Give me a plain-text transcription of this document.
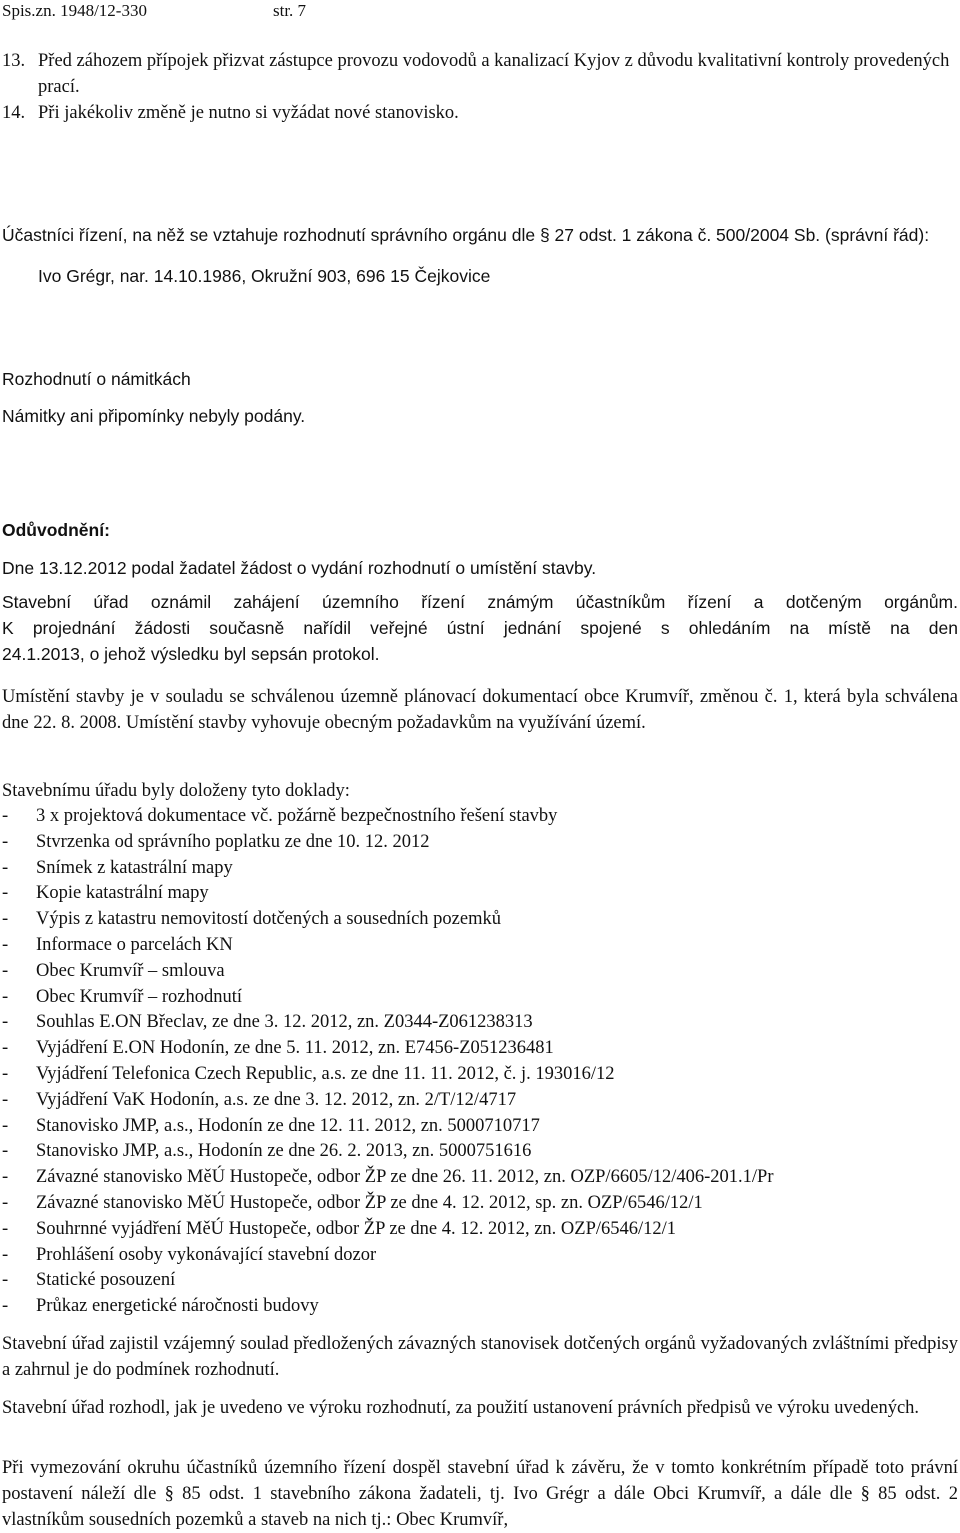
Spis.zn. 1948/12-330	str. 7
13. Před záhozem přípojek přizvat zástupce provozu vodovodů a kanalizací Kyjov z důvodu kvalitativní kontroly provedených prací.
14. Při jakékoliv změně je nutno si vyžádat nové stanovisko.

Účastníci řízení, na něž se vztahuje rozhodnutí správního orgánu dle § 27 odst. 1 zákona č. 500/2004 Sb. (správní řád):

Ivo Grégr, nar. 14.10.1986, Okružní 903, 696 15 Čejkovice

Rozhodnutí o námitkách

Námitky ani připomínky nebyly podány.

Odůvodnění:

Dne 13.12.2012 podal žadatel žádost o vydání rozhodnutí o umístění stavby.

Stavební úřad oznámil zahájení územního řízení známým účastníkům řízení a dotčeným orgánům.

K projednání žádosti současně nařídil veřejné ústní jednání spojené s ohledáním na místě na den

24.1.2013, o jehož výsledku byl sepsán protokol.

Umístění stavby je v souladu se schválenou územně plánovací dokumentací obce Krumvíř, změnou č. 1, která byla schválena dne 22. 8. 2008. Umístění stavby vyhovuje obecným požadavkům na využívání území.

Stavebnímu úřadu byly doloženy tyto doklady:

-	3 x projektová dokumentace vč. požárně bezpečnostního řešení stavby
-	Stvrzenka od správního poplatku ze dne 10. 12. 2012
-	Snímek z katastrální mapy
-	Kopie katastrální mapy
-	Výpis z katastru nemovitostí dotčených a sousedních pozemků
-	Informace o parcelách KN
-	Obec Krumvíř – smlouva
-	Obec Krumvíř – rozhodnutí
-	Souhlas E.ON Břeclav, ze dne 3. 12. 2012, zn. Z0344-Z061238313
-	Vyjádření E.ON Hodonín, ze dne 5. 11. 2012, zn. E7456-Z051236481
-	Vyjádření Telefonica Czech Republic, a.s. ze dne 11. 11. 2012, č. j. 193016/12
-	Vyjádření VaK Hodonín, a.s. ze dne 3. 12. 2012, zn. 2/T/12/4717
-	Stanovisko JMP, a.s., Hodonín ze dne 12. 11. 2012, zn. 5000710717
-	Stanovisko JMP, a.s., Hodonín ze dne 26. 2. 2013, zn. 5000751616
-	Závazné stanovisko MěÚ Hustopeče, odbor ŽP ze dne 26. 11. 2012, zn. OZP/6605/12/406-201.1/Pr
-	Závazné stanovisko MěÚ Hustopeče, odbor ŽP ze dne 4. 12. 2012, sp. zn. OZP/6546/12/1
-	Souhrnné vyjádření MěÚ Hustopeče, odbor ŽP ze dne 4. 12. 2012, zn. OZP/6546/12/1
-	Prohlášení osoby vykonávající stavební dozor
-	Statické posouzení
-	Průkaz energetické náročnosti budovy
Stavební úřad zajistil vzájemný soulad předložených závazných stanovisek dotčených orgánů vyžadovaných zvláštními předpisy a zahrnul je do podmínek rozhodnutí.
Stavební úřad rozhodl, jak je uvedeno ve výroku rozhodnutí, za použití ustanovení právních předpisů ve výroku uvedených.
Při vymezování okruhu účastníků územního řízení dospěl stavební úřad k závěru, že v tomto konkrétním případě toto právní postavení náleží dle § 85 odst. 1 stavebního zákona žadateli, tj. Ivo Grégr a dále Obci Krumvíř, a dále dle § 85 odst. 2 vlastníkům sousedních pozemků a staveb na nich tj.: Obec Krumvíř,
